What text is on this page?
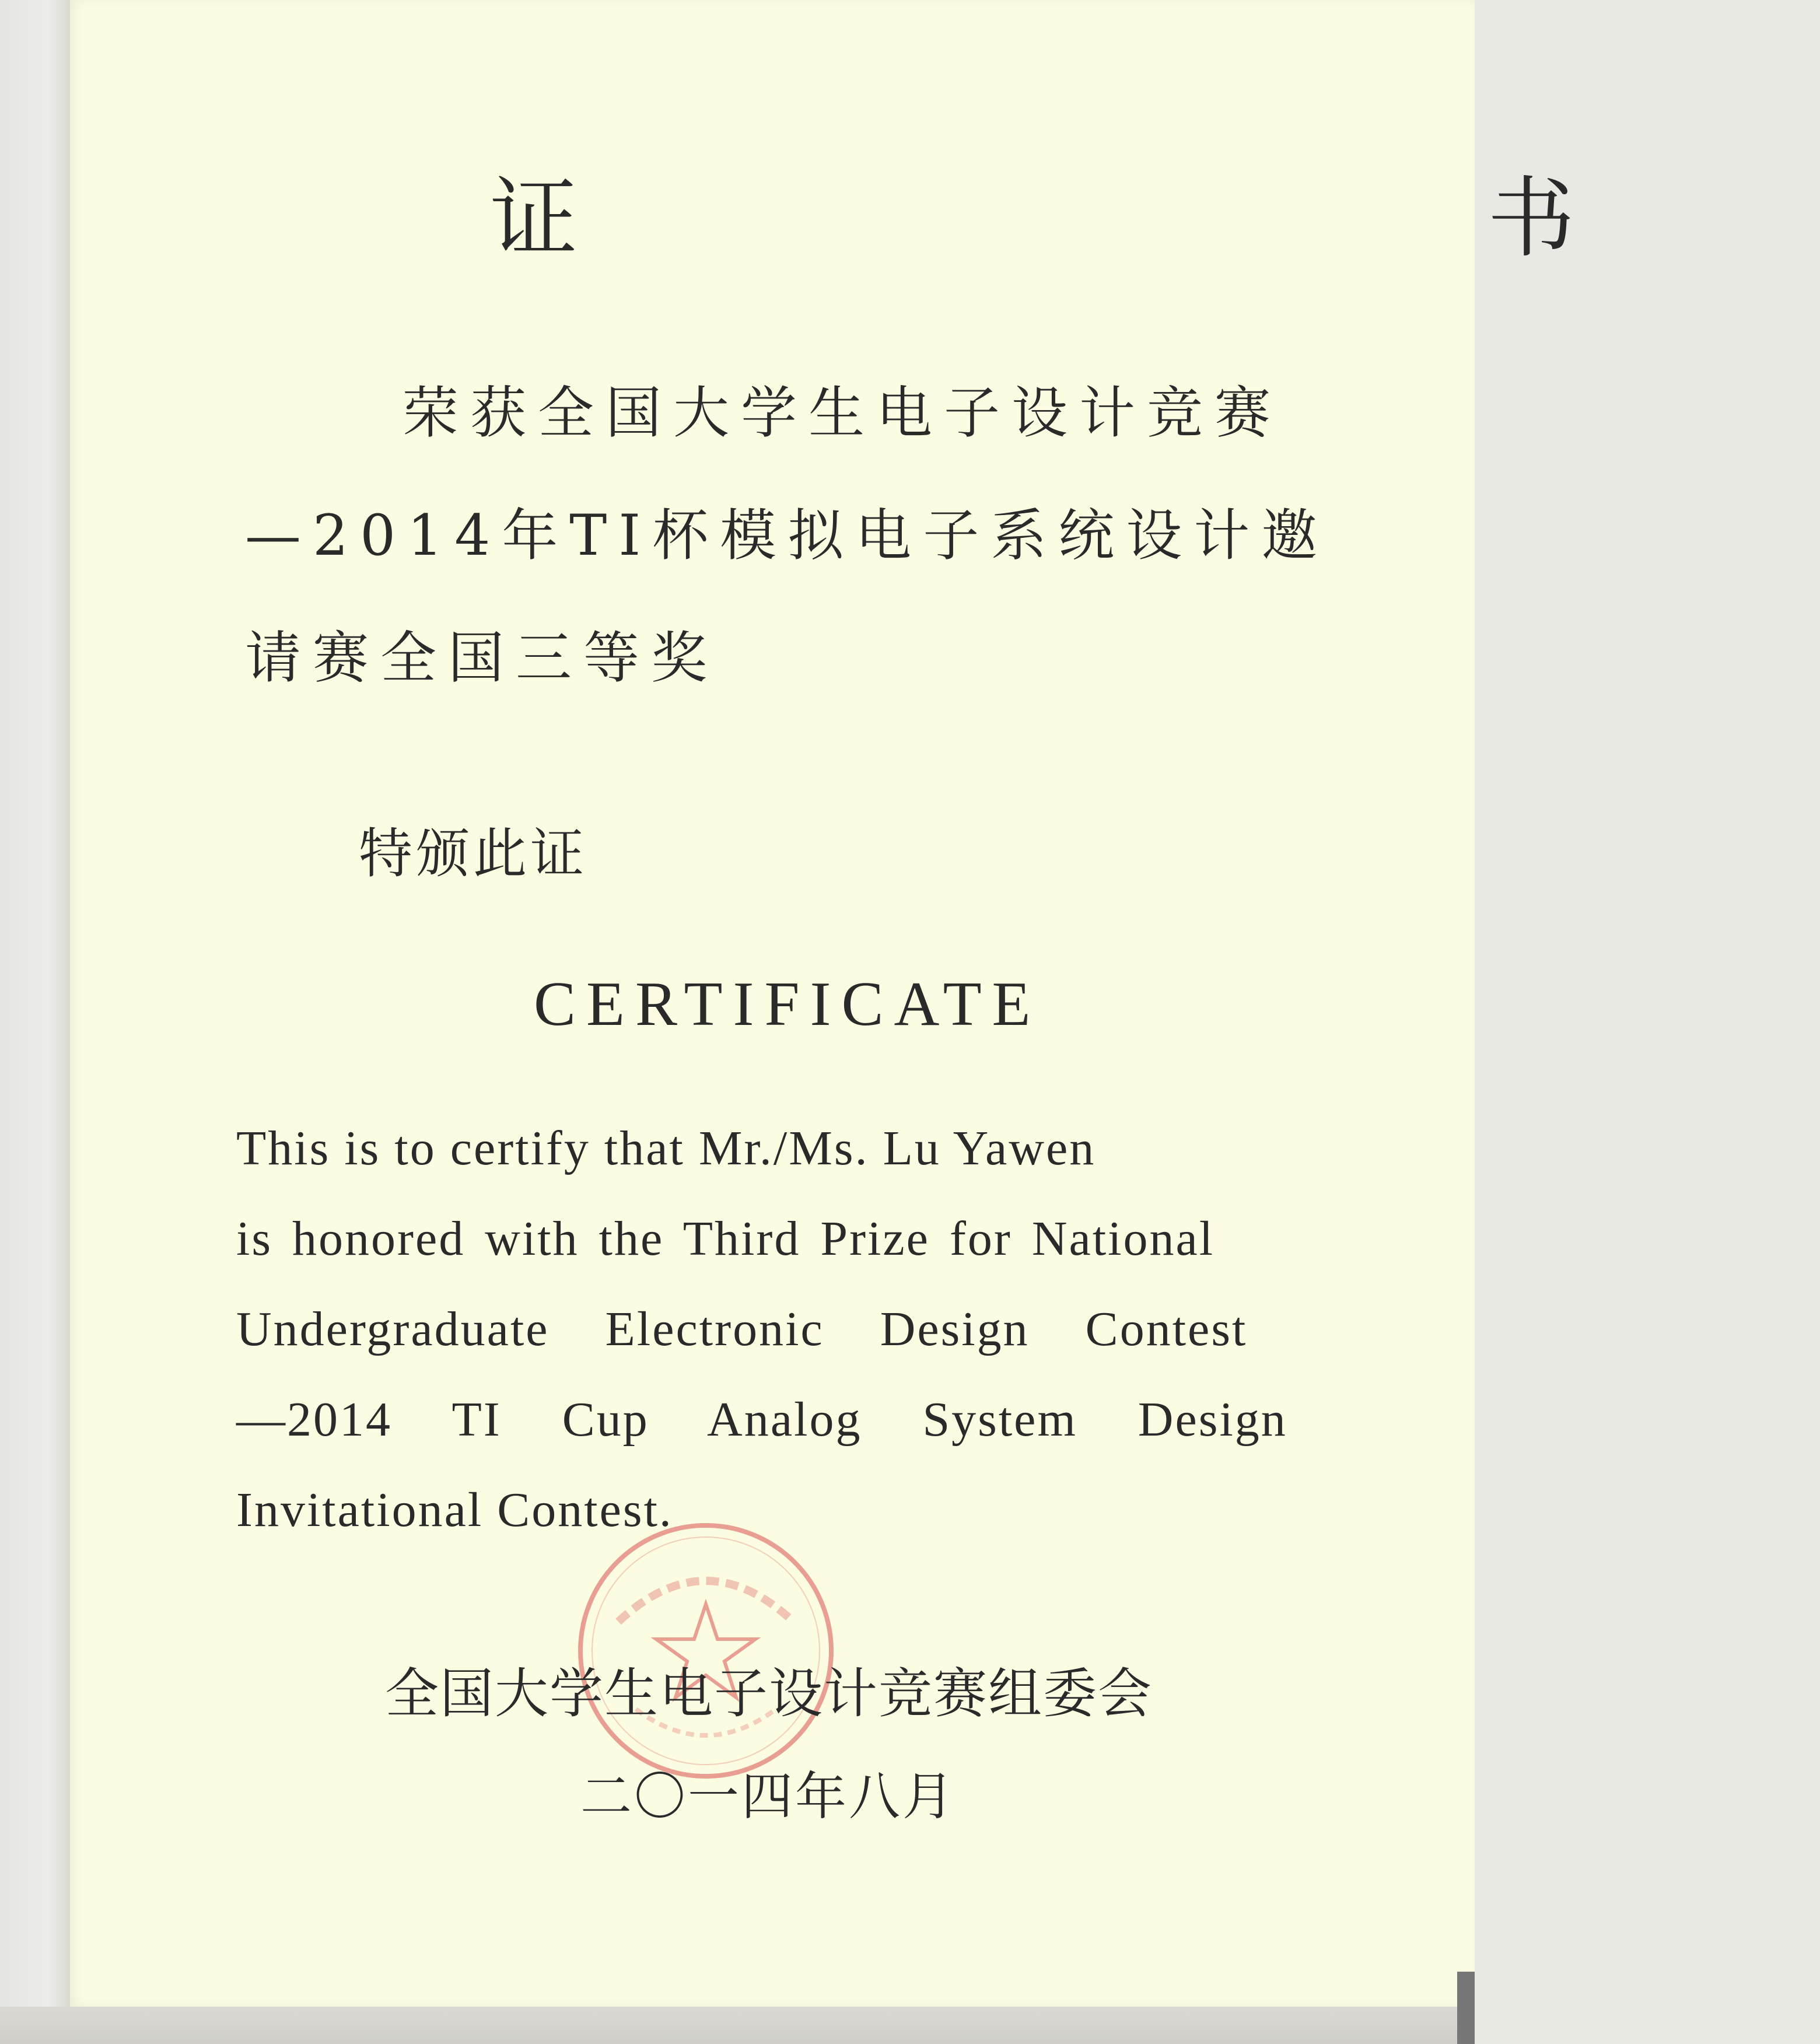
证　　书
荣获全国大学生电子设计竞赛
—2014年TI杯模拟电子系统设计邀
请赛全国三等奖
特颁此证
CERTIFICATE
This is to certify that Mr./Ms. Lu Yawen
is honored with the Third Prize for National
Undergraduate Electronic Design Contest
—2014 TI Cup Analog System Design
Invitational Contest.
全国大学生电子设计竞赛组委会
二〇一四年八月
